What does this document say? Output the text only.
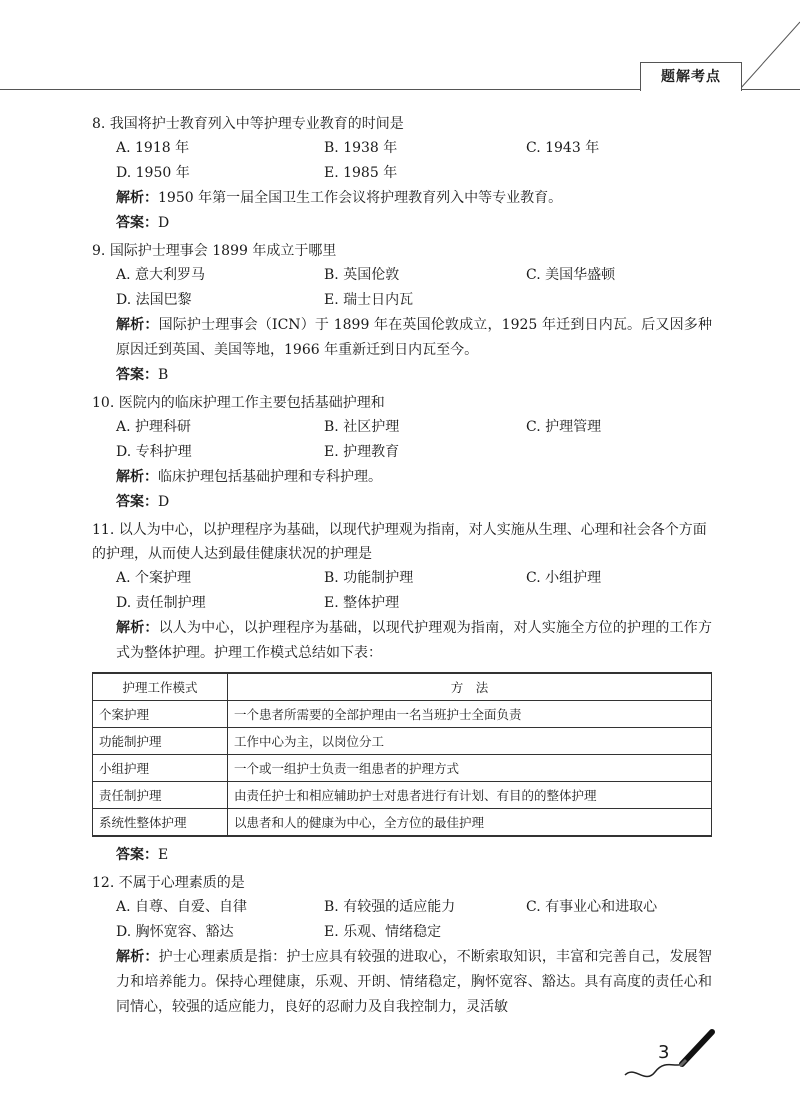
题解考点
8. 我国将护士教育列入中等护理专业教育的时间是
A. 1918 年	B. 1938 年	C. 1943 年
D. 1950 年	E. 1985 年
解析：1950 年第一届全国卫生工作会议将护理教育列入中等专业教育。
答案：D
9. 国际护士理事会 1899 年成立于哪里
A. 意大利罗马	B. 英国伦敦	C. 美国华盛顿
D. 法国巴黎	E. 瑞士日内瓦
解析：国际护士理事会（ICN）于 1899 年在英国伦敦成立，1925 年迁到日内瓦。后又因多种原因迁到英国、美国等地，1966 年重新迁到日内瓦至今。
答案：B
10. 医院内的临床护理工作主要包括基础护理和
A. 护理科研	B. 社区护理	C. 护理管理
D. 专科护理	E. 护理教育
解析：临床护理包括基础护理和专科护理。
答案：D
11. 以人为中心，以护理程序为基础，以现代护理观为指南，对人实施从生理、心理和社会各个方面的护理，从而使人达到最佳健康状况的护理是
A. 个案护理	B. 功能制护理	C. 小组护理
D. 责任制护理	E. 整体护理
解析：以人为中心，以护理程序为基础，以现代护理观为指南，对人实施全方位的护理的工作方式为整体护理。护理工作模式总结如下表：
护理工作模式	方　法
个案护理	一个患者所需要的全部护理由一名当班护士全面负责
功能制护理	工作中心为主，以岗位分工
小组护理	一个或一组护士负责一组患者的护理方式
责任制护理	由责任护士和相应辅助护士对患者进行有计划、有目的的整体护理
系统性整体护理	以患者和人的健康为中心，全方位的最佳护理
答案：E
12. 不属于心理素质的是
A. 自尊、自爱、自律	B. 有较强的适应能力	C. 有事业心和进取心
D. 胸怀宽容、豁达	E. 乐观、情绪稳定
解析：护士心理素质是指：护士应具有较强的进取心，不断索取知识，丰富和完善自己，发展智力和培养能力。保持心理健康，乐观、开朗、情绪稳定，胸怀宽容、豁达。具有高度的责任心和同情心，较强的适应能力，良好的忍耐力及自我控制力，灵活敏
3
